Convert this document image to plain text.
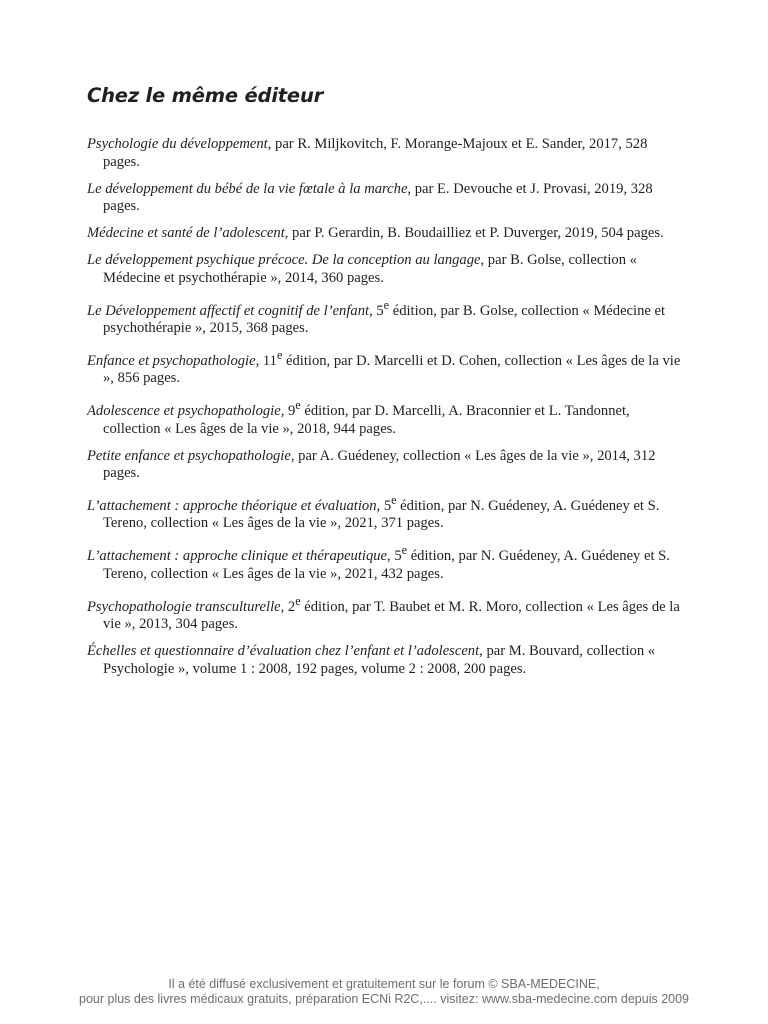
Chez le même éditeur
Psychologie du développement, par R. Miljkovitch, F. Morange-Majoux et E. Sander, 2017, 528 pages.
Le développement du bébé de la vie fœtale à la marche, par E. Devouche et J. Provasi, 2019, 328 pages.
Médecine et santé de l’adolescent, par P. Gerardin, B. Boudailliez et P. Duverger, 2019, 504 pages.
Le développement psychique précoce. De la conception au langage, par B. Golse, collection « Médecine et psychothérapie », 2014, 360 pages.
Le Développement affectif et cognitif de l’enfant, 5e édition, par B. Golse, collection « Médecine et psychothérapie », 2015, 368 pages.
Enfance et psychopathologie, 11e édition, par D. Marcelli et D. Cohen, collection « Les âges de la vie », 856 pages.
Adolescence et psychopathologie, 9e édition, par D. Marcelli, A. Braconnier et L. Tandonnet, collection « Les âges de la vie », 2018, 944 pages.
Petite enfance et psychopathologie, par A. Guédeney, collection « Les âges de la vie », 2014, 312 pages.
L’attachement : approche théorique et évaluation, 5e édition, par N. Guédeney, A. Guédeney et S. Tereno, collection « Les âges de la vie », 2021, 371 pages.
L’attachement : approche clinique et thérapeutique, 5e édition, par N. Guédeney, A. Guédeney et S. Tereno, collection « Les âges de la vie », 2021, 432 pages.
Psychopathologie transculturelle, 2e édition, par T. Baubet et M. R. Moro, collection « Les âges de la vie », 2013, 304 pages.
Échelles et questionnaire d’évaluation chez l’enfant et l’adolescent, par M. Bouvard, collection « Psychologie », volume 1 : 2008, 192 pages, volume 2 : 2008, 200 pages.
Il a été diffusé exclusivement et gratuitement sur le forum © SBA-MEDECINE,
pour plus des livres médicaux gratuits, préparation ECNi R2C,.... visitez: www.sba-medecine.com depuis 2009
